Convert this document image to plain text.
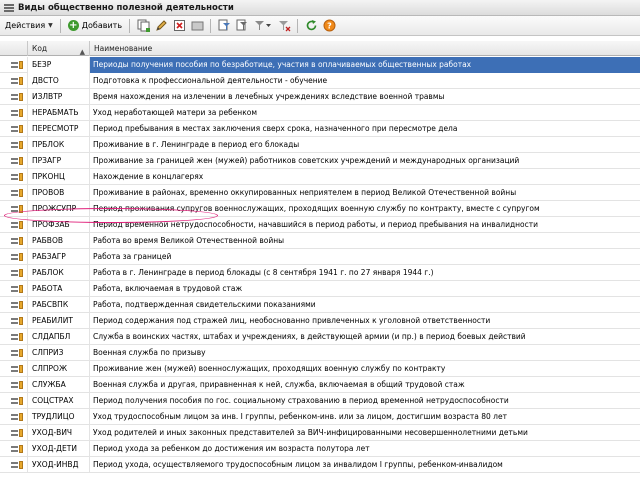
Виды общественно полезной деятельности
Действия ▼ + Добавить	?
Код	▲	Наименование
БЕЗР	Периоды получения пособия по безработице, участия в оплачиваемых общественных работах
ДВСТО	Подготовка к профессиональной деятельности - обучение
ИЗЛВТР	Время нахождения на излечении в лечебных учреждениях вследствие военной травмы
НЕРАБМАТЬ	Уход неработающей матери за ребенком
ПЕРЕСМОТР	Период пребывания в местах заключения сверх срока, назначенного при пересмотре дела
ПРБЛОК	Проживание в г. Ленинграде в период его блокады
ПРЗАГР	Проживание за границей жен (мужей) работников советских учреждений и международных организаций
ПРКОНЦ	Нахождение в концлагерях
ПРОВОВ	Проживание в районах, временно оккупированных неприятелем в период Великой Отечественной войны
ПРОЖСУПР	Период проживания супругов военнослужащих, проходящих военную службу по контракту, вместе с супругом
ПРОФЗАБ	Период временной нетрудоспособности, начавшийся в период работы, и период пребывания на инвалидности
РАБВОВ	Работа во время Великой Отечественной войны
РАБЗАГР	Работа за границей
РАБЛОК	Работа в г. Ленинграде в период блокады (с 8 сентября 1941 г. по 27 января 1944 г.)
РАБОТА	Работа, включаемая в трудовой стаж
РАБСВПК	Работа, подтвержденная свидетельскими показаниями
РЕАБИЛИТ	Период содержания под стражей лиц, необоснованно привлеченных к уголовной ответственности
СЛДАПБЛ	Служба в воинских частях, штабах и учреждениях, в действующей армии (и пр.) в период боевых действий
СЛПРИЗ	Военная служба по призыву
СЛПРОЖ	Проживание жен (мужей) военнослужащих, проходящих военную службу по контракту
СЛУЖБА	Военная служба и другая, приравненная к ней, служба, включаемая в общий трудовой стаж
СОЦСТРАХ	Период получения пособия по гос. социальному страхованию в период временной нетрудоспособности
ТРУДЛИЦО	Уход трудоспособным лицом за инв. I группы, ребенком-инв. или за лицом, достигшим возраста 80 лет
УХОД-ВИЧ	Уход родителей и иных законных представителей за ВИЧ-инфицированными несовершеннолетними детьми
УХОД-ДЕТИ	Период ухода за ребенком до достижения им возраста полутора лет
УХОД-ИНВД	Период ухода, осуществляемого трудоспособным лицом за инвалидом I группы, ребенком-инвалидом
